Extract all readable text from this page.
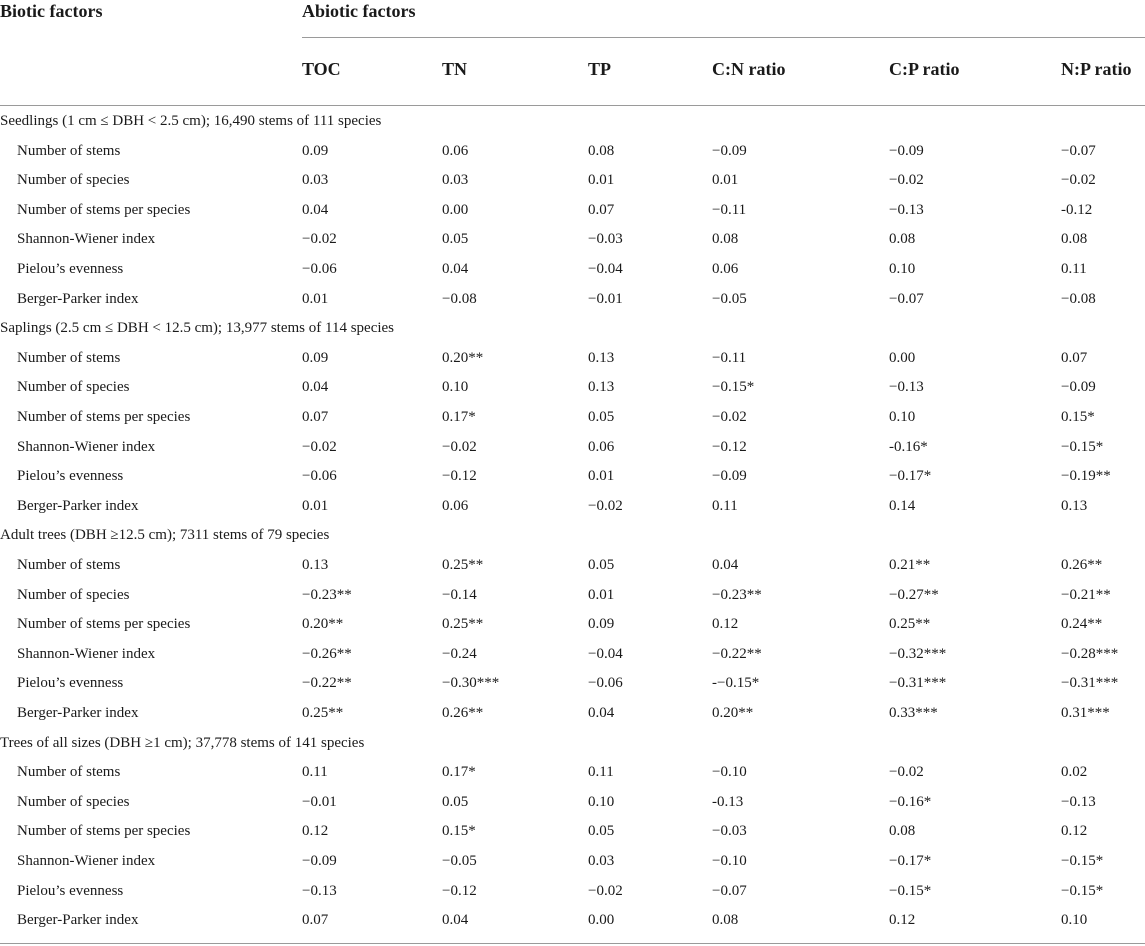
Biotic factors	Abiotic factors
TOC	TN	TP	C:N ratio	C:P ratio	N:P ratio
Seedlings (1 cm ≤ DBH < 2.5 cm); 16,490 stems of 111 species
Number of stems	0.09	0.06	0.08	−0.09	−0.09	−0.07
Number of species	0.03	0.03	0.01	0.01	−0.02	−0.02
Number of stems per species	0.04	0.00	0.07	−0.11	−0.13	-0.12
Shannon-Wiener index	−0.02	0.05	−0.03	0.08	0.08	0.08
Pielou’s evenness	−0.06	0.04	−0.04	0.06	0.10	0.11
Berger-Parker index	0.01	−0.08	−0.01	−0.05	−0.07	−0.08
Saplings (2.5 cm ≤ DBH < 12.5 cm); 13,977 stems of 114 species
Number of stems	0.09	0.20**	0.13	−0.11	0.00	0.07
Number of species	0.04	0.10	0.13	−0.15*	−0.13	−0.09
Number of stems per species	0.07	0.17*	0.05	−0.02	0.10	0.15*
Shannon-Wiener index	−0.02	−0.02	0.06	−0.12	-0.16*	−0.15*
Pielou’s evenness	−0.06	−0.12	0.01	−0.09	−0.17*	−0.19**
Berger-Parker index	0.01	0.06	−0.02	0.11	0.14	0.13
Adult trees (DBH ≥12.5 cm); 7311 stems of 79 species
Number of stems	0.13	0.25**	0.05	0.04	0.21**	0.26**
Number of species	−0.23**	−0.14	0.01	−0.23**	−0.27**	−0.21**
Number of stems per species	0.20**	0.25**	0.09	0.12	0.25**	0.24**
Shannon-Wiener index	−0.26**	−0.24	−0.04	−0.22**	−0.32***	−0.28***
Pielou’s evenness	−0.22**	−0.30***	−0.06	-−0.15*	−0.31***	−0.31***
Berger-Parker index	0.25**	0.26**	0.04	0.20**	0.33***	0.31***
Trees of all sizes (DBH ≥1 cm); 37,778 stems of 141 species
Number of stems	0.11	0.17*	0.11	−0.10	−0.02	0.02
Number of species	−0.01	0.05	0.10	-0.13	−0.16*	−0.13
Number of stems per species	0.12	0.15*	0.05	−0.03	0.08	0.12
Shannon-Wiener index	−0.09	−0.05	0.03	−0.10	−0.17*	−0.15*
Pielou’s evenness	−0.13	−0.12	−0.02	−0.07	−0.15*	−0.15*
Berger-Parker index	0.07	0.04	0.00	0.08	0.12	0.10
